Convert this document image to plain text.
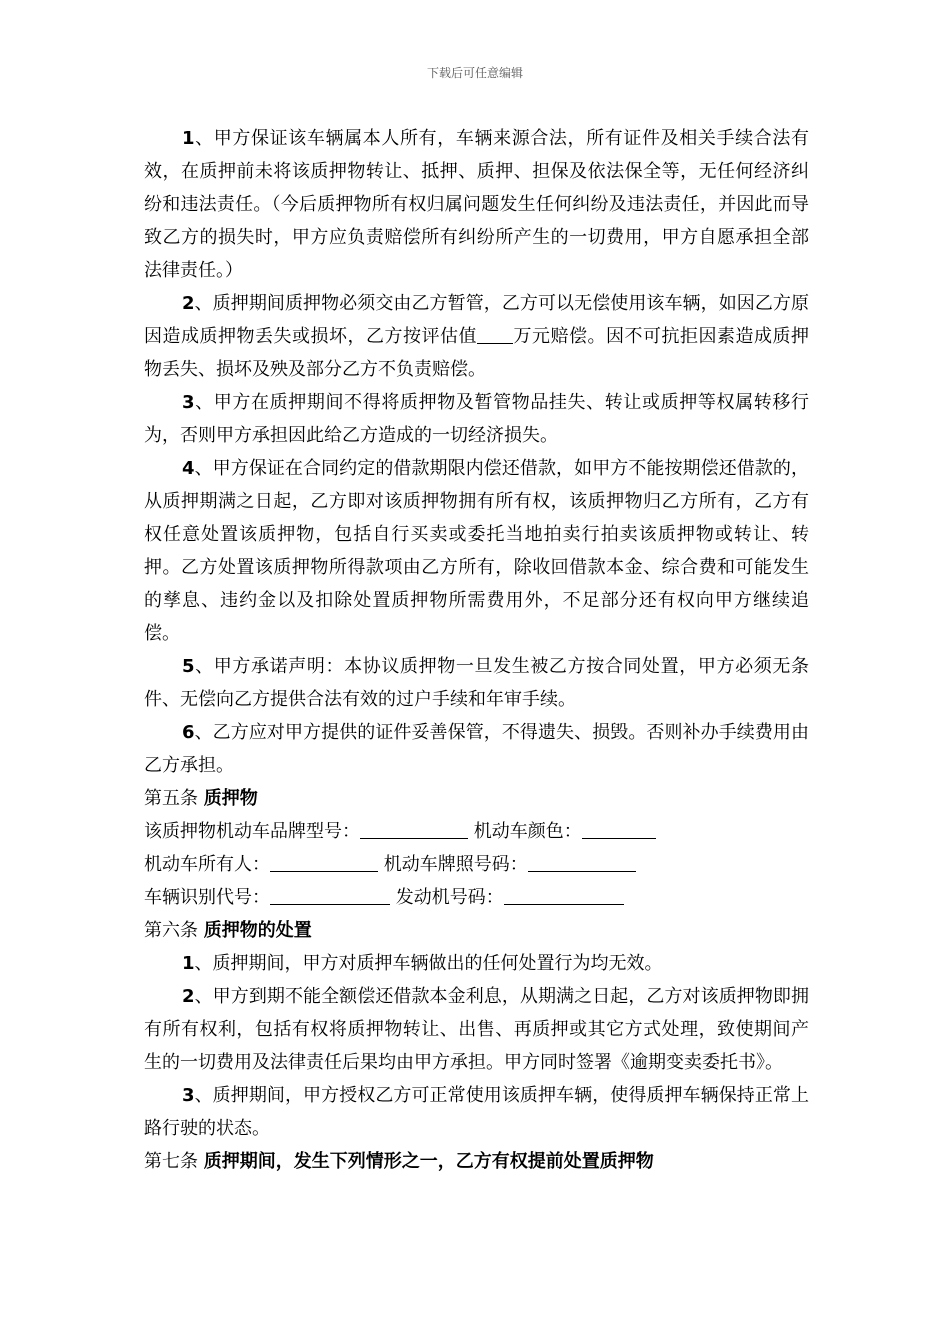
下载后可任意编辑

1、甲方保证该车辆属本人所有，车辆来源合法，所有证件及相关手续合法有效，在质押前未将该质押物转让、抵押、质押、担保及依法保全等，无任何经济纠纷和违法责任。（今后质押物所有权归属问题发生任何纠纷及违法责任，并因此而导致乙方的损失时，甲方应负责赔偿所有纠纷所产生的一切费用，甲方自愿承担全部法律责任。）

2、质押期间质押物必须交由乙方暂管，乙方可以无偿使用该车辆，如因乙方原因造成质押物丢失或损坏，乙方按评估值 万元赔偿。因不可抗拒因素造成质押物丢失、损坏及殃及部分乙方不负责赔偿。

3、甲方在质押期间不得将质押物及暂管物品挂失、转让或质押等权属转移行为，否则甲方承担因此给乙方造成的一切经济损失。

4、甲方保证在合同约定的借款期限内偿还借款，如甲方不能按期偿还借款的，从质押期满之日起，乙方即对该质押物拥有所有权，该质押物归乙方所有，乙方有权任意处置该质押物，包括自行买卖或委托当地拍卖行拍卖该质押物或转让、转押。乙方处置该质押物所得款项由乙方所有，除收回借款本金、综合费和可能发生的孳息、违约金以及扣除处置质押物所需费用外，不足部分还有权向甲方继续追偿。

5、甲方承诺声明：本协议质押物一旦发生被乙方按合同处置，甲方必须无条件、无偿向乙方提供合法有效的过户手续和年审手续。

6、乙方应对甲方提供的证件妥善保管，不得遗失、损毁。否则补办手续费用由乙方承担。

第五条 质押物

该质押物机动车品牌型号：	机动车颜色：

机动车所有人：	机动车牌照号码：

车辆识别代号：	发动机号码：

第六条 质押物的处置

1、质押期间，甲方对质押车辆做出的任何处置行为均无效。

2、甲方到期不能全额偿还借款本金利息，从期满之日起，乙方对该质押物即拥有所有权利，包括有权将质押物转让、出售、再质押或其它方式处理，致使期间产生的一切费用及法律责任后果均由甲方承担。甲方同时签署《逾期变卖委托书》。

3、质押期间，甲方授权乙方可正常使用该质押车辆，使得质押车辆保持正常上路行驶的状态。

第七条 质押期间，发生下列情形之一，乙方有权提前处置质押物
